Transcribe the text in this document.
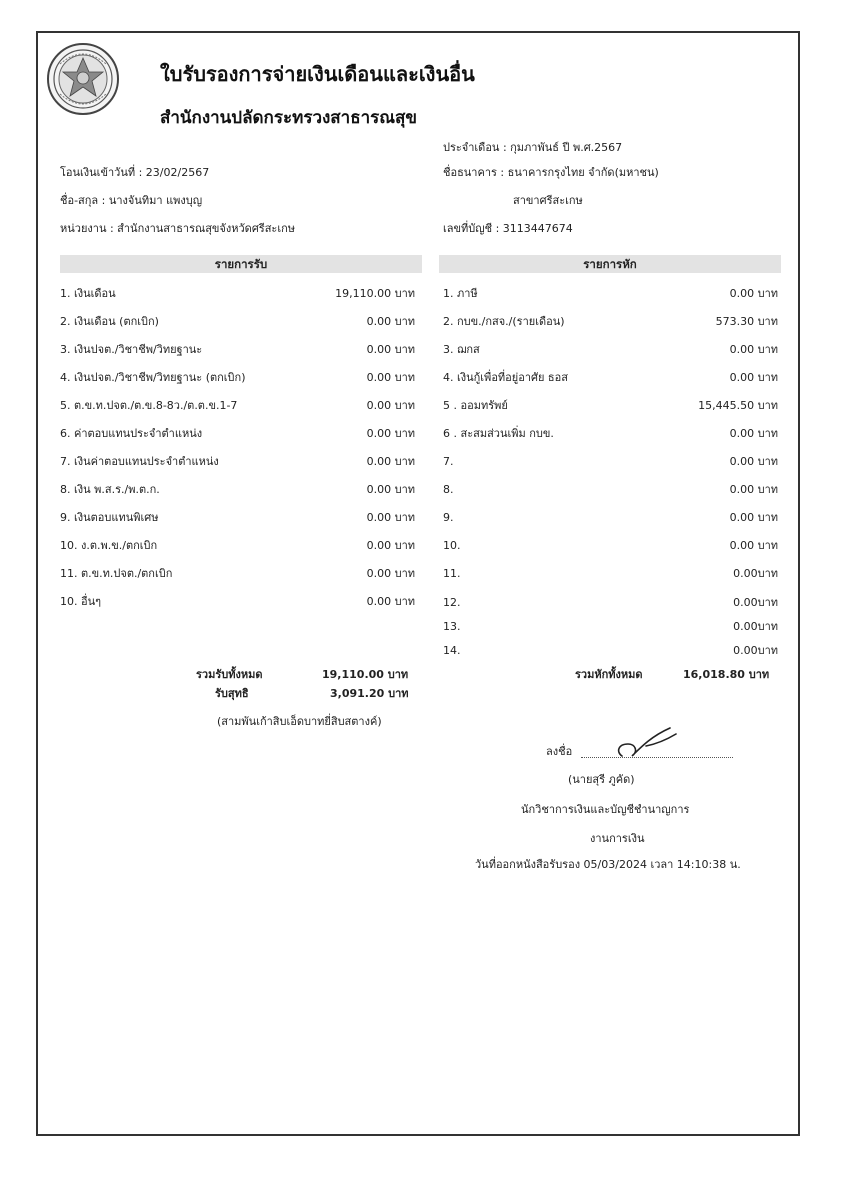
ใบรับรองการจ่ายเงินเดือนและเงินอื่น
สำนักงานปลัดกระทรวงสาธารณสุข
ประจำเดือน : กุมภาพันธ์ ปี พ.ศ.2567
โอนเงินเข้าวันที่ : 23/02/2567	ชื่อธนาคาร : ธนาคารกรุงไทย จำกัด(มหาชน)
ชื่อ-สกุล : นางจันทิมา แพงบุญ	สาขาศรีสะเกษ
หน่วยงาน : สำนักงานสาธารณสุขจังหวัดศรีสะเกษ	เลขที่บัญชี : 3113447674
รายการรับ	รายการหัก
1. เงินเดือน	19,110.00 บาท
2. เงินเดือน (ตกเบิก)	0.00 บาท
3. เงินปจต./วิชาชีพ/วิทยฐานะ	0.00 บาท
4. เงินปจต./วิชาชีพ/วิทยฐานะ (ตกเบิก)	0.00 บาท
5. ต.ข.ท.ปจต./ต.ข.8-8ว./ต.ต.ข.1-7	0.00 บาท
6. ค่าตอบแทนประจำตำแหน่ง	0.00 บาท
7. เงินค่าตอบแทนประจำตำแหน่ง	0.00 บาท
8. เงิน พ.ส.ร./พ.ต.ก.	0.00 บาท
9. เงินตอบแทนพิเศษ	0.00 บาท
10. ง.ต.พ.ข./ตกเบิก	0.00 บาท
11. ต.ข.ท.ปจต./ตกเบิก	0.00 บาท
10. อื่นๆ	0.00 บาท
1. ภาษี	0.00 บาท
2. กบข./กสจ./(รายเดือน)	573.30 บาท
3. ฌกส	0.00 บาท
4. เงินกู้เพื่อที่อยู่อาศัย ธอส	0.00 บาท
5 . ออมทรัพย์	15,445.50 บาท
6 . สะสมส่วนเพิ่ม กบข.	0.00 บาท
7.	0.00 บาท
8.	0.00 บาท
9.	0.00 บาท
10.	0.00 บาท
11.	0.00บาท
12.	0.00บาท
13.	0.00บาท
14.	0.00บาท
รวมรับทั้งหมด	19,110.00 บาท
รับสุทธิ	3,091.20 บาท
(สามพันเก้าสิบเอ็ดบาทยี่สิบสตางค์)
รวมหักทั้งหมด	16,018.80 บาท
ลงชื่อ
(นายสุรี ภูคัด)
นักวิชาการเงินและบัญชีชำนาญการ
งานการเงิน
วันที่ออกหนังสือรับรอง 05/03/2024 เวลา 14:10:38 น.
